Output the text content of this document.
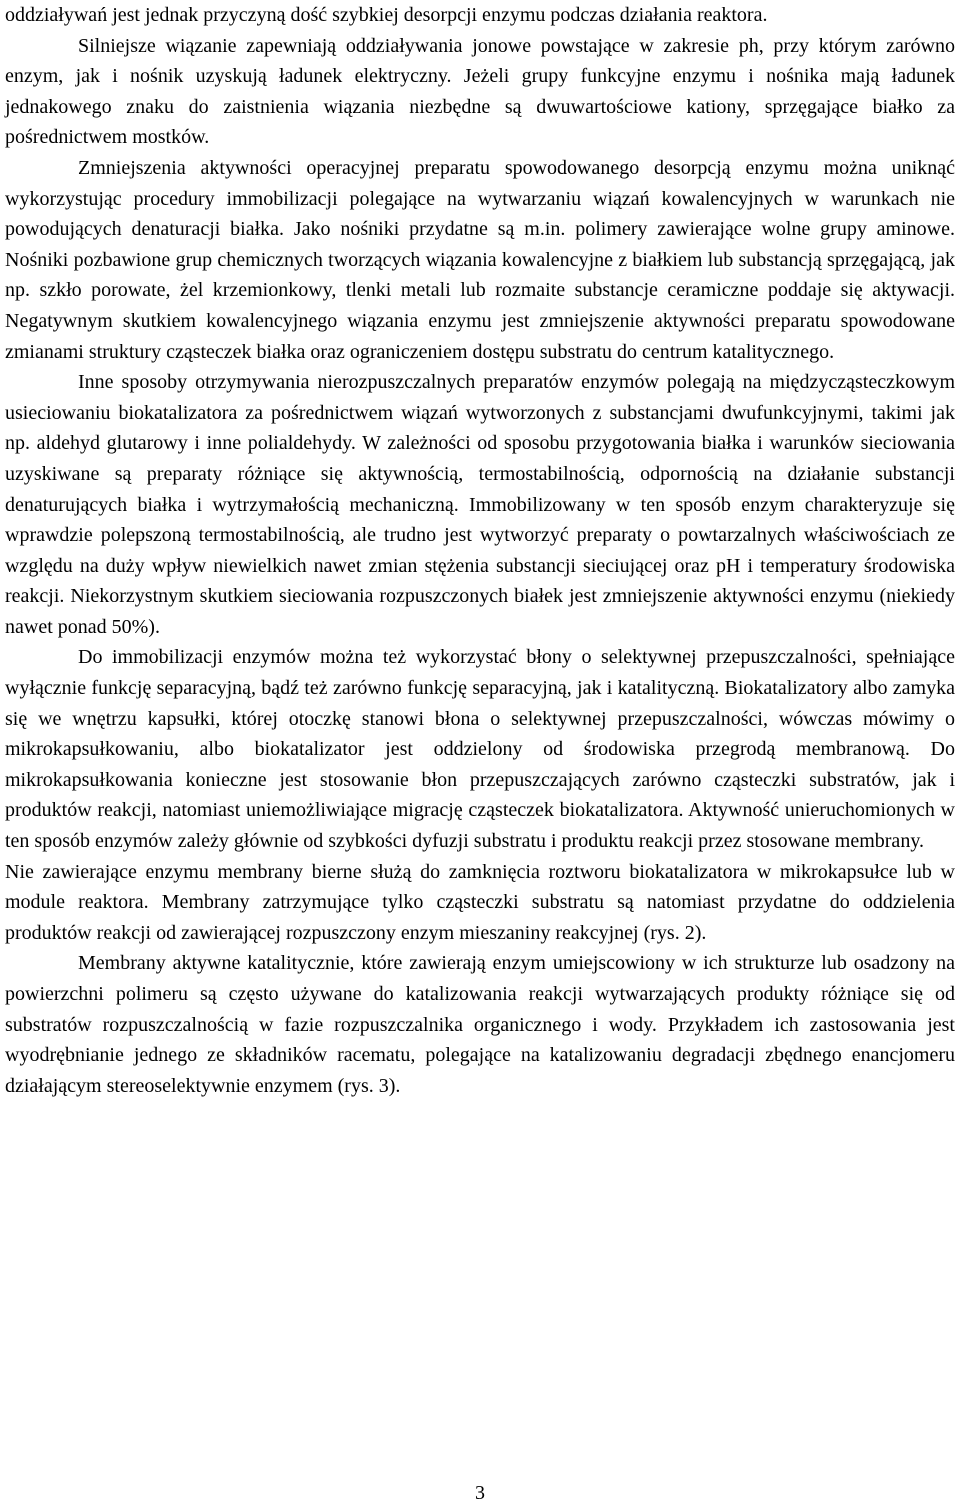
oddziaływań jest jednak przyczyną dość szybkiej desorpcji enzymu podczas działania reaktora.

Silniejsze wiązanie zapewniają oddziaływania jonowe powstające w zakresie ph, przy którym zarówno enzym, jak i nośnik uzyskują ładunek elektryczny. Jeżeli grupy funkcyjne enzymu i nośnika mają ładunek jednakowego znaku do zaistnienia wiązania niezbędne są dwuwartościowe kationy, sprzęgające białko za pośrednictwem mostków.

Zmniejszenia aktywności operacyjnej preparatu spowodowanego desorpcją enzymu można uniknąć wykorzystując procedury immobilizacji polegające na wytwarzaniu wiązań kowalencyjnych w warunkach nie powodujących denaturacji białka. Jako nośniki przydatne są m.in. polimery zawierające wolne grupy aminowe. Nośniki pozbawione grup chemicznych tworzących wiązania kowalencyjne z białkiem lub substancją sprzęgającą, jak np. szkło porowate, żel krzemionkowy, tlenki metali lub rozmaite substancje ceramiczne poddaje się aktywacji. Negatywnym skutkiem kowalencyjnego wiązania enzymu jest zmniejszenie aktywności preparatu spowodowane zmianami struktury cząsteczek białka oraz ograniczeniem dostępu substratu do centrum katalitycznego.

Inne sposoby otrzymywania nierozpuszczalnych preparatów enzymów polegają na międzycząsteczkowym usieciowaniu biokatalizatora za pośrednictwem wiązań wytworzonych z substancjami dwufunkcyjnymi, takimi jak np. aldehyd glutarowy i inne polialdehydy. W zależności od sposobu przygotowania białka i warunków sieciowania uzyskiwane są preparaty różniące się aktywnością, termostabilnością, odpornością na działanie substancji denaturujących białka i wytrzymałością mechaniczną. Immobilizowany w ten sposób enzym charakteryzuje się wprawdzie polepszoną termostabilnością, ale trudno jest wytworzyć preparaty o powtarzalnych właściwościach ze względu na duży wpływ niewielkich nawet zmian stężenia substancji sieciującej oraz pH i temperatury środowiska reakcji. Niekorzystnym skutkiem sieciowania rozpuszczonych białek jest zmniejszenie aktywności enzymu (niekiedy nawet ponad 50%).

Do immobilizacji enzymów można też wykorzystać błony o selektywnej przepuszczalności, spełniające wyłącznie funkcję separacyjną, bądź też zarówno funkcję separacyjną, jak i katalityczną. Biokatalizatory albo zamyka się we wnętrzu kapsułki, której otoczkę stanowi błona o selektywnej przepuszczalności, wówczas mówimy o mikrokapsułkowaniu, albo biokatalizator jest oddzielony od środowiska przegrodą membranową. Do mikrokapsułkowania konieczne jest stosowanie błon przepuszczających zarówno cząsteczki substratów, jak i produktów reakcji, natomiast uniemożliwiające migrację cząsteczek biokatalizatora. Aktywność unieruchomionych w ten sposób enzymów zależy głównie od szybkości dyfuzji substratu i produktu reakcji przez stosowane membrany.

Nie zawierające enzymu membrany bierne służą do zamknięcia roztworu biokatalizatora w mikrokapsułce lub w module reaktora. Membrany zatrzymujące tylko cząsteczki substratu są natomiast przydatne do oddzielenia produktów reakcji od zawierającej rozpuszczony enzym mieszaniny reakcyjnej (rys. 2).

Membrany aktywne katalitycznie, które zawierają enzym umiejscowiony w ich strukturze lub osadzony na powierzchni polimeru są często używane do katalizowania reakcji wytwarzających produkty różniące się od substratów rozpuszczalnością w fazie rozpuszczalnika organicznego i wody. Przykładem ich zastosowania jest wyodrębnianie jednego ze składników racematu, polegające na katalizowaniu degradacji zbędnego enancjomeru działającym stereoselektywnie enzymem (rys. 3).

3
